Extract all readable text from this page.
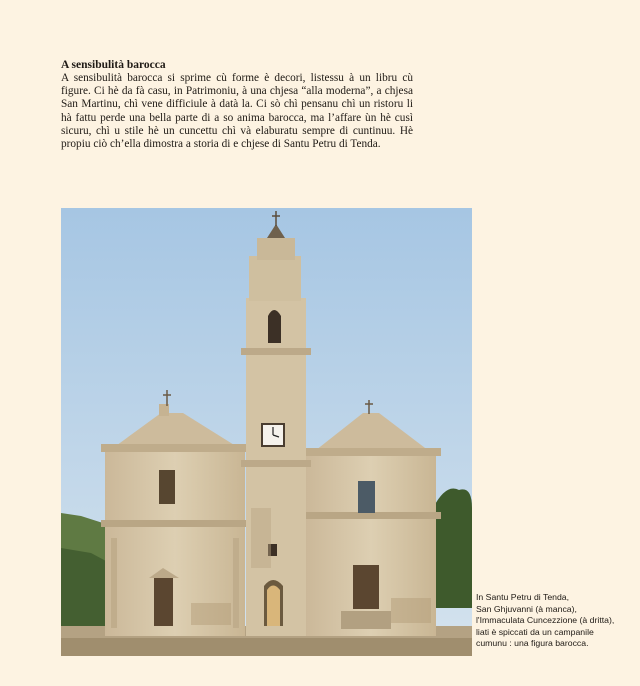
A sensibulità barocca

A sensibulità barocca si sprime cù forme è decori, listessu à un libru cù figure. Ci hè da fà casu, in Patrimoniu, à una chjesa “alla moderna”, a chjesa San Martinu, chì vene difficiule à datà la. Ci sò chì pensanu chì un ristoru li hà fattu perde una bella parte di a so anima barocca, ma l’affare ùn hè cusì sicuru, chì u stile hè un cuncettu chì và elaburatu sempre di cuntinuu. Hè propiu ciò ch’ella dimostra a storia di e chjese di Santu Petru di Tenda.

In Santu Petru di Tenda,
San Ghjuvanni (à manca),
l'Immaculata Cuncezzione (à dritta),
liati è spiccati da un campanile
cumunu : una figura barocca.
